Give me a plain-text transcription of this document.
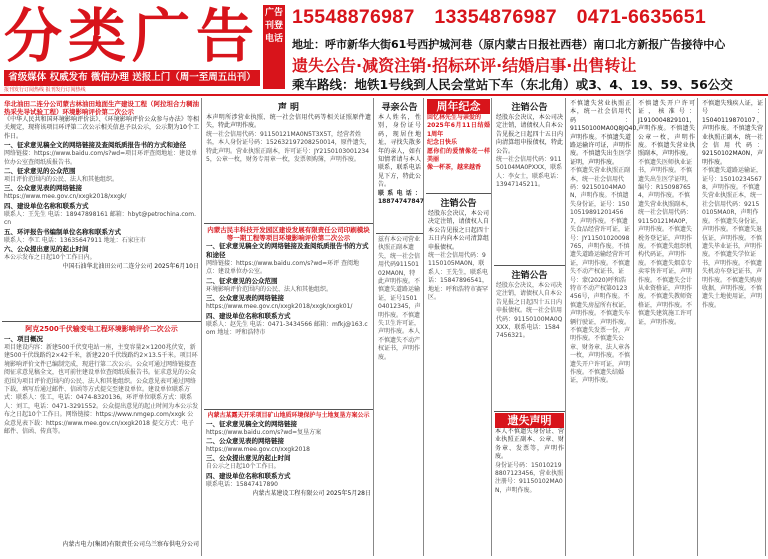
分类广告
省级媒体 权威发布 微信办理 送报上门（周一至周五出刊）
报刊发行订阅热线 报刊发行订阅热线
广告刊登电话
15548876987 13354876987 0471-6635651
地址：呼市新华大街61号西护城河巷（原内蒙古日报社西巷）南口北方新报广告接待中心
遗失公告·减资注销·招标环评·结婚启事·出售转让
乘车路线：地铁1号线到人民会堂站下车（东北角）或3、4、19、59、56公交
华北油田二连分公司蒙古林油田地面生产建设工程（阿拉坦合力稠油热采先导试验工程）环境影响评价第二次公示
《中华人民共和国环境影响评价法》、《环境影响评价公众参与办法》等相关规定，现将该项目环评第二次公示相关信息予以公示，公示期为10个工作日。
一、征求意见稿全文的网络链接及查阅纸质报告书的方式和途径
网络链接：https://www.baidu.com/s?wd=项目环评查阅地址：建设单位办公室查阅纸质报告书。
二、征求意见的公众范围
项目评价范围内的公民、法人和其他组织。
三、公众意见表的网络链接
https://www.mee.gov.cn/xxgk2018/xxgk/
四、建设单位名称和联系方式
联系人：王先生 电话：18947898161 邮箱：hbyt@petrochina.com.cn
五、环评报告书编制单位名称和联系方式
联系人：李工 电话：13635647911 地址：石家庄市
六、公众提出意见的起止时间
本公示发布之日起10个工作日内。
中国石油华北油田公司二连分公司 2025年6月10日
阿克2500千伏输变电工程环境影响评价二次公示
一、项目概况
项目建设内容：新建500千伏变电站一座，主变容量2×1200兆伏安，新建500千伏线路约2×42千米，新建220千伏线路约2×13.5千米。项目环境影响评价文件已编制完成，现进行第二次公示。公众可通过网络链接查阅征求意见稿全文，也可前往建设单位查阅纸质报告书。征求意见的公众范围为项目评价范围内的公民、法人和其他组织。公众意见表可通过网络下载，填写后通过邮件、信函等方式提交至建设单位。建设单位联系方式：联系人：张工，电话：0474-8320136。环评单位联系方式：联系人：刘工，电话：0471-3291552。公众提出意见的起止时间为本公示发布之日起10个工作日。网络链接：https://www.nmgep.com/xxgk 公众意见表下载：https://www.mee.gov.cn/xxgk2018 提交方式：电子邮件、信函、传真等。
内蒙古电力(集团)有限责任公司乌兰察布供电分公司
声 明
本声明所涉营业执照、统一社会信用代码等相关证照原件遗失，特此声明作废。
统一社会信用代码：91150121MA0N5T3X5T，经营者姓名，本人身份证号码：152632197208250014，原件遗失，特此声明。营业执照正副本，许可证号：JY21501030012345，公章一枚，财务专用章一枚，发票领购簿，声明作废。
内蒙古民丰科技开发园区建设发展有限责任公司印刷模块等一期工程等项目环境影响评价第二次公示
一、征求意见稿全文的网络链接及查阅纸质报告书的方式和途径
网络链接：https://www.baidu.com/s?wd=环评 查阅地点：建设单位办公室。
二、征求意见的公众范围
环境影响评价范围内的公民、法人和其他组织。
三、公众意见表的网络链接
https://www.mee.gov.cn/xxgk2018/xxgk/xxgk01/
四、建设单位名称和联系方式
联系人：赵先生 电话：0471-3434566 邮箱：mfkj@163.com 地址：呼和浩特市
内蒙古某露天开采项目矿山地质环境保护与土地复垦方案公示
一、征求意见稿全文的网络链接
https://www.baidu.com/s?wd=复垦方案
二、公众意见表的网络链接
https://www.mee.gov.cn/xxgk2018
三、公众提出意见的起止时间
自公示之日起10个工作日。
四、建设单位名称和联系方式
联系电话：15847417890
内蒙古某建设工程有限公司 2025年5月28日
寻亲公告
本人姓名，性别，身份证号码，现居住地址，寻找失散多年的亲人，如有知情者请与本人联系，联系电话见下方，特此公告。
联系电话：18874747847
兹有本公司营业执照正副本遗失，统一社会信用代码91150102MA0N，特此声明作废。不慎遗失道路运输证，证号150104012345，声明作废。不慎遗失卫生许可证，声明作废。本人不慎遗失不动产权证书，声明作废。
周年纪念
回忆林先生与亲爱的
2025年6月11日结婚1周年
纪念日快乐
愿你们的爱情像花一样美丽
像一杯茶，越来越香
注销公告
经股东会决议，本公司决定注销，请债权人自本公告见报之日起四十五日内向本公司清算组申报债权。
统一社会信用代码：91150105MA0N，联系人：王先生，联系电话：15847896541，地址：呼和浩特市赛罕区。
注销公告
经股东会决议，本公司决定注销，请债权人自本公告见报之日起四十五日内向清算组申报债权，特此公告。
统一社会信用代码：91150104MA0PXXX，联系人：李女士，联系电话：13947145211。
注销公告
经股东会决议，本公司决定注销，请债权人自本公告见报之日起四十五日内申报债权。统一社会信用代码：91150100MA0QXXX，联系电话：15847456321。
遗失声明
本人不慎遗失身份证、营业执照正副本、公章、财务章、发票等，声明作废。
身份证号码：150102198807123456，营业执照注册号：91150102MA0N，声明作废。
不慎遗失营业执照正本，统一社会信用代码：91150100MA0Q8JQ40，声明作废。不慎遗失道路运输许可证，声明作废。不慎遗失出生医学证明，声明作废。
不慎遗失营业执照正副本，统一社会信用代码：92150104MA0N，声明作废。不慎遗失身份证，证号：150105198912014567，声明作废。不慎遗失食品经营许可证，证号：JY11501020098765，声明作废。不慎遗失道路运输经营许可证，声明作废。不慎遗失不动产权证书，证号：蒙(2020)呼和浩特市不动产权第0123456号，声明作废。不慎遗失房屋所有权证，声明作废。不慎遗失车辆行驶证，声明作废。不慎遗失发票一份，声明作废。不慎遗失公章、财务章、法人章各一枚，声明作废。不慎遗失开户许可证，声明作废。不慎遗失结婚证，声明作废。
不慎遗失开户许可证，核准号：J1910004829101，声明作废。不慎遗失公章一枚，声明作废。不慎遗失营业执照副本，声明作废。
不慎遗失医师执业证书，声明作废。不慎遗失出生医学证明，编号：R150987654，声明作废。不慎遗失营业执照副本，统一社会信用代码：91150121MA0P，声明作废。不慎遗失税务登记证，声明作废。不慎遗失组织机构代码证，声明作废。不慎遗失烟草专卖零售许可证，声明作废。不慎遗失会计从业资格证，声明作废。不慎遗失教师资格证，声明作废。不慎遗失建筑施工许可证，声明作废。
不慎遗失残疾人证，证号：15040119870107，声明作废。不慎遗失营业执照正副本，统一社会信用代码：92150102MA0N，声明作废。
不慎遗失道路运输证，证号：150102345678，声明作废。不慎遗失营业执照正本，统一社会信用代码：92150105MA0R，声明作废。不慎遗失身份证，声明作废。不慎遗失退伍证，声明作废。不慎遗失毕业证书，声明作废。不慎遗失学位证书，声明作废。不慎遗失机动车登记证书，声明作废。不慎遗失购房收据，声明作废。不慎遗失土地使用证，声明作废。
